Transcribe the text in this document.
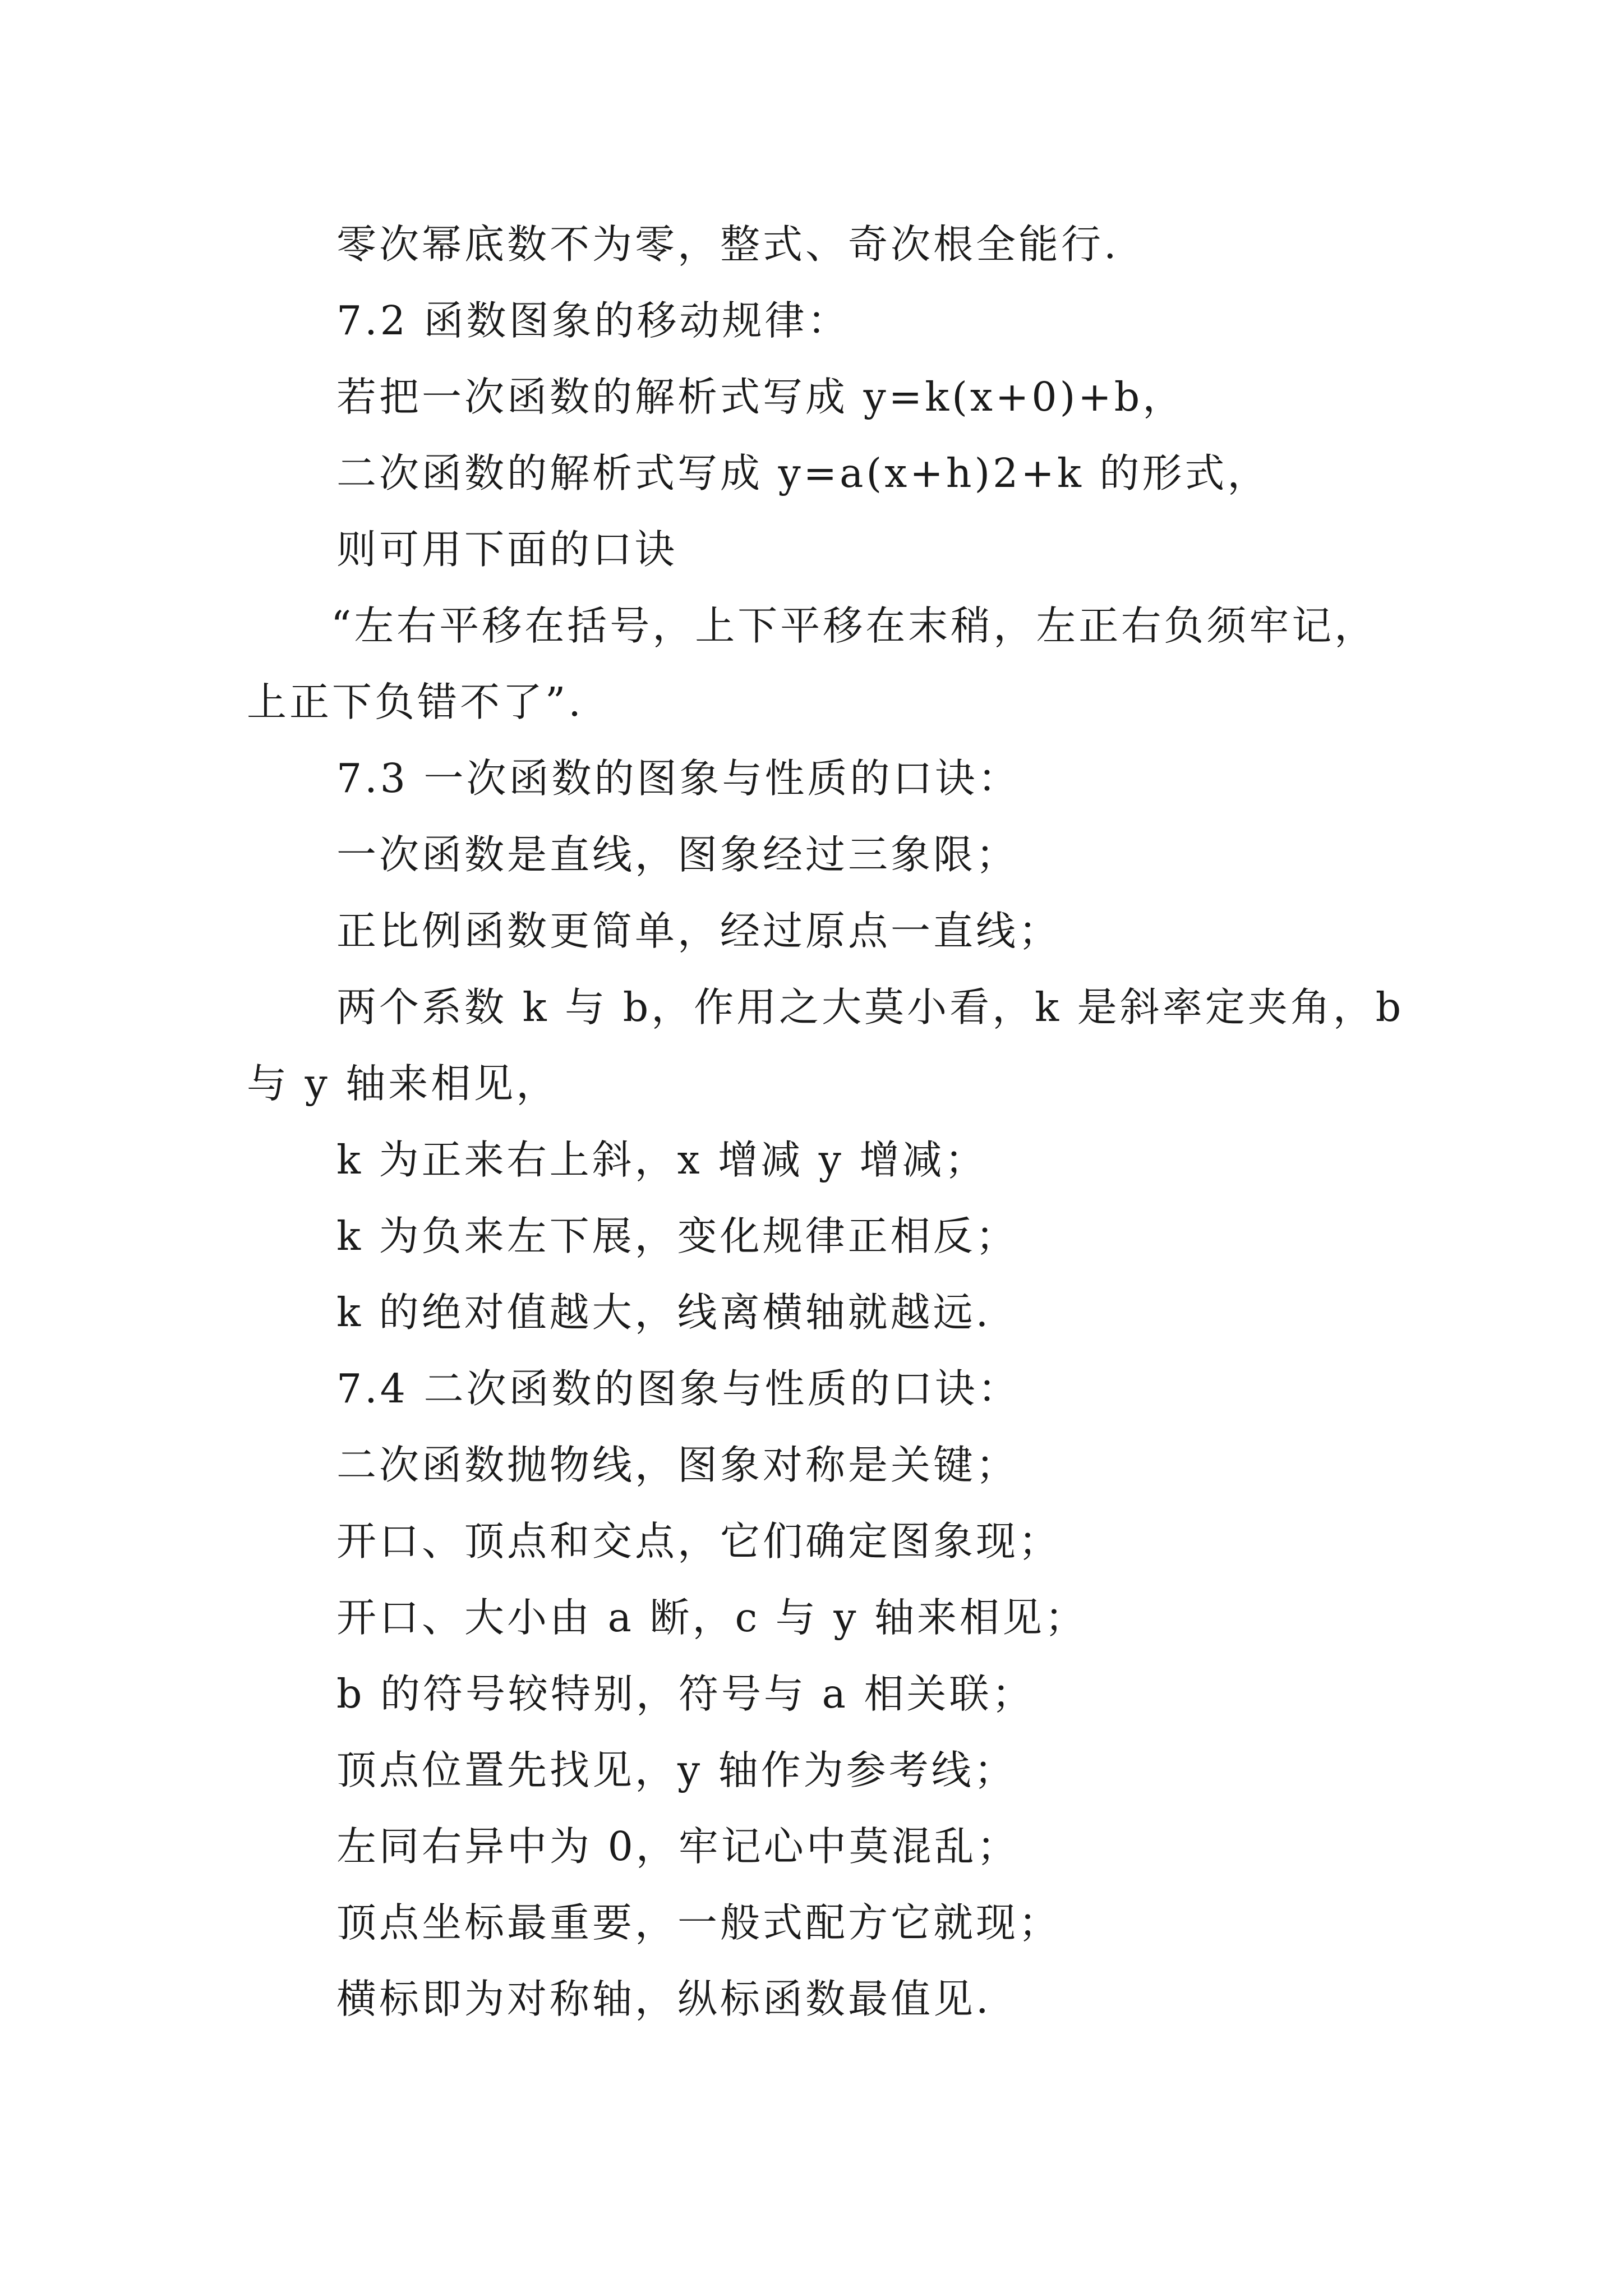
零次幂底数不为零，整式、奇次根全能行.
7.2 函数图象的移动规律：
若把一次函数的解析式写成 y=k(x+0)+b，
二次函数的解析式写成 y=a(x+h)2+k 的形式，
则可用下面的口诀
“左右平移在括号，上下平移在末稍，左正右负须牢记，
上正下负错不了”.
7.3 一次函数的图象与性质的口诀：
一次函数是直线，图象经过三象限；
正比例函数更简单，经过原点一直线；
两个系数 k 与 b，作用之大莫小看，k 是斜率定夹角，b
与 y 轴来相见，
k 为正来右上斜，x 增减 y 增减；
k 为负来左下展，变化规律正相反；
k 的绝对值越大，线离横轴就越远.
7.4 二次函数的图象与性质的口诀：
二次函数抛物线，图象对称是关键；
开口、顶点和交点，它们确定图象现；
开口、大小由 a 断，c 与 y 轴来相见；
b 的符号较特别，符号与 a 相关联；
顶点位置先找见，y 轴作为参考线；
左同右异中为 0，牢记心中莫混乱；
顶点坐标最重要，一般式配方它就现；
横标即为对称轴，纵标函数最值见.
